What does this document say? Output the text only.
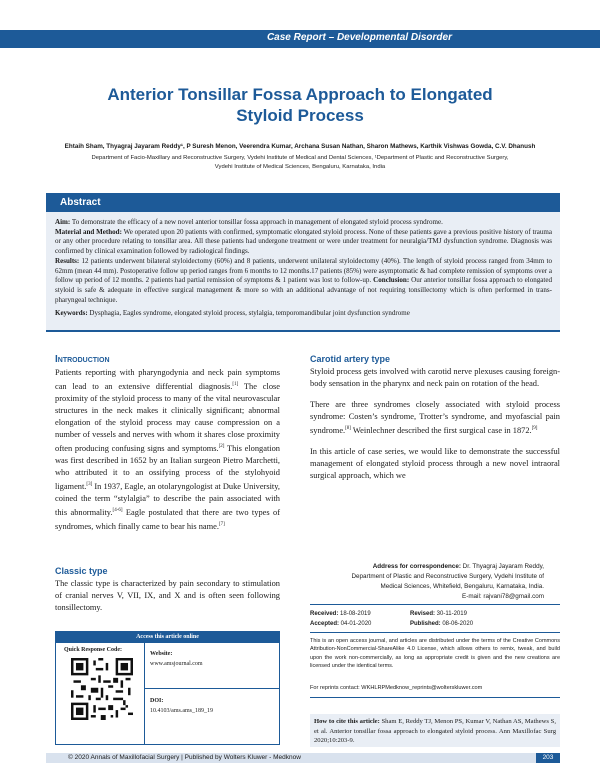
Case Report – Developmental Disorder
Anterior Tonsillar Fossa Approach to Elongated
Styloid Process
Ehtaih Sham, Thyagraj Jayaram Reddy¹, P Suresh Menon, Veerendra Kumar, Archana Susan Nathan, Sharon Mathews, Karthik Vishwas Gowda, C.V. Dhanush
Department of Facio-Maxillary and Reconstructive Surgery, Vydehi Institute of Medical and Dental Sciences, ¹Department of Plastic and Reconstructive Surgery,
Vydehi Institute of Medical Sciences, Bengaluru, Karnataka, India
Abstract
Aim: To demonstrate the efficacy of a new novel anterior tonsillar fossa approach in management of elongated styloid process syndrome.
Material and Method: We operated upon 20 patients with confirmed, symptomatic elongated styloid process. None of these patients gave a previous positive history of trauma or any other procedure relating to tonsillar area. All these patients had undergone treatment or were under treatment for neuralgia/TMJ dysfunction syndrome. Diagnosis was confirmed by clinical examination followed by radiological findings.
Results: 12 patients underwent bilateral styloidectomy (60%) and 8 patients, underwent unilateral styloidectomy (40%). The length of styloid process ranged from 34mm to 62mm (mean 44 mm). Postoperative follow up period ranges from 6 months to 12 months.17 patients (85%) were asymptomatic & had complete remission of symptoms over a follow up period of 12 months. 2 patients had partial remission of symptoms & 1 patient was lost to follow-up. Conclusion: Our anterior tonsillar fossa approach to elongated styloid is safe & adequate in effective surgical management & more so with an additional advantage of not requiring tonsillectomy which is often performed in trans-pharyngeal technique.
Keywords: Dysphagia, Eagles syndrome, elongated styloid process, stylalgia, temporomandibular joint dysfunction syndrome
Introduction

Patients reporting with pharyngodynia and neck pain symptoms can lead to an extensive differential diagnosis.[1] The close proximity of the styloid process to many of the vital neurovascular structures in the neck makes it clinically significant; abnormal elongation of the styloid process may cause compression on a number of vessels and nerves with whom it shares close proximity often producing confusing signs and symptoms.[2] This elongation was first described in 1652 by an Italian surgeon Pietro Marchetti, who attributed it to an ossifying process of the stylohyoid ligament.[3] In 1937, Eagle, an otolaryngologist at Duke University, coined the term “stylalgia” to describe the pain associated with this abnormality.[4-6] Eagle postulated that there are two types of syndromes, which finally came to bear his name.[7]

Classic type
The classic type is characterized by pain secondary to stimulation of cranial nerves V, VII, IX, and X and is often seen following tonsillectomy.
Carotid artery type

Styloid process gets involved with carotid nerve plexuses causing foreign-body sensation in the pharynx and neck pain on rotation of the head.

There are three syndromes closely associated with styloid process syndrome: Costen’s syndrome, Trotter’s syndrome, and myofascial pain syndrome.[8] Weinlechner described the first surgical case in 1872.[9]

In this article of case series, we would like to demonstrate the successful management of elongated styloid process through a new novel intraoral surgical approach, which we

Access this article online
Quick Response Code:
Website:
www.amsjournal.com
DOI:
10.4103/ams.ams_189_19
Address for correspondence: Dr. Thyagraj Jayaram Reddy,
Department of Plastic and Reconstructive Surgery, Vydehi Institute of
Medical Sciences, Whitefield, Bengaluru, Karnataka, India.
E-mail: rajvani78@gmail.com
Received: 18-08-2019	Revised: 30-11-2019
Accepted: 04-01-2020	Published: 08-06-2020
This is an open access journal, and articles are distributed under the terms of the Creative Commons Attribution-NonCommercial-ShareAlike 4.0 License, which allows others to remix, tweak, and build upon the work non-commercially, as long as appropriate credit is given and the new creations are licensed under the identical terms.
For reprints contact: WKHLRPMedknow_reprints@wolterskluwer.com
How to cite this article: Sham E, Reddy TJ, Menon PS, Kumar V, Nathan AS, Mathews S, et al. Anterior tonsillar fossa approach to elongated styloid process. Ann Maxillofac Surg 2020;10:203-9.
© 2020 Annals of Maxillofacial Surgery | Published by Wolters Kluwer - Medknow	203
